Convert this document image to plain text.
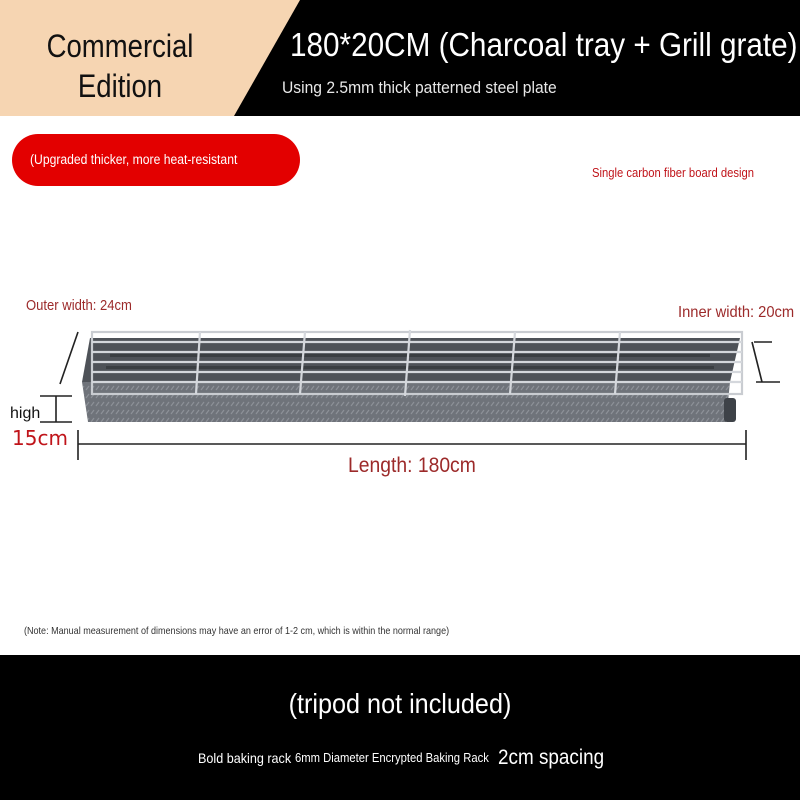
Commercial
Edition
180*20CM (Charcoal tray + Grill grate)
Using 2.5mm thick patterned steel plate
(Upgraded thicker, more heat-resistant
Single carbon fiber board design
Outer width: 24cm	Inner width: 20cm
Length: 180cm
high
15cm
(Note: Manual measurement of dimensions may have an error of 1-2 cm, which is within the normal range)
(tripod not included)
Bold baking rack 6mm Diameter Encrypted Baking Rack 2cm spacing
